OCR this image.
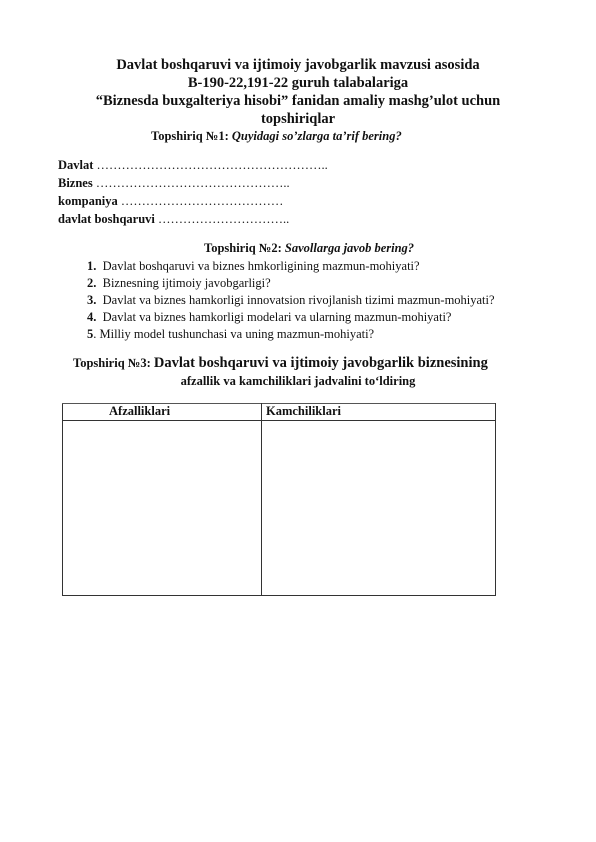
Davlat boshqaruvi va ijtimoiy javobgarlik mavzusi asosida
B-190-22,191-22 guruh talabalariga
“Biznesda buxgalteriya hisobi” fanidan amaliy mashg’ulot uchun
topshiriqlar
Topshiriq №1: Quyidagi so’zlarga ta’rif bering?
Davlat ………………………………………………..
Biznes ………………………………………..
kompaniya …………………………………
davlat boshqaruvi …………………………..
Topshiriq №2: Savollarga javob bering?
1. Davlat boshqaruvi va biznes hmkorligining mazmun-mohiyati?
2. Biznesning ijtimoiy javobgarligi?
3. Davlat va biznes hamkorligi innovatsion rivojlanish tizimi mazmun-mohiyati?
4. Davlat va biznes hamkorligi modelari va ularning mazmun-mohiyati?
5. Milliy model tushunchasi va uning mazmun-mohiyati?
Topshiriq №3: Davlat boshqaruvi va ijtimoiy javobgarlik biznesining
afzallik va kamchiliklari jadvalini to‘ldiring
Afzalliklari	Kamchiliklari
